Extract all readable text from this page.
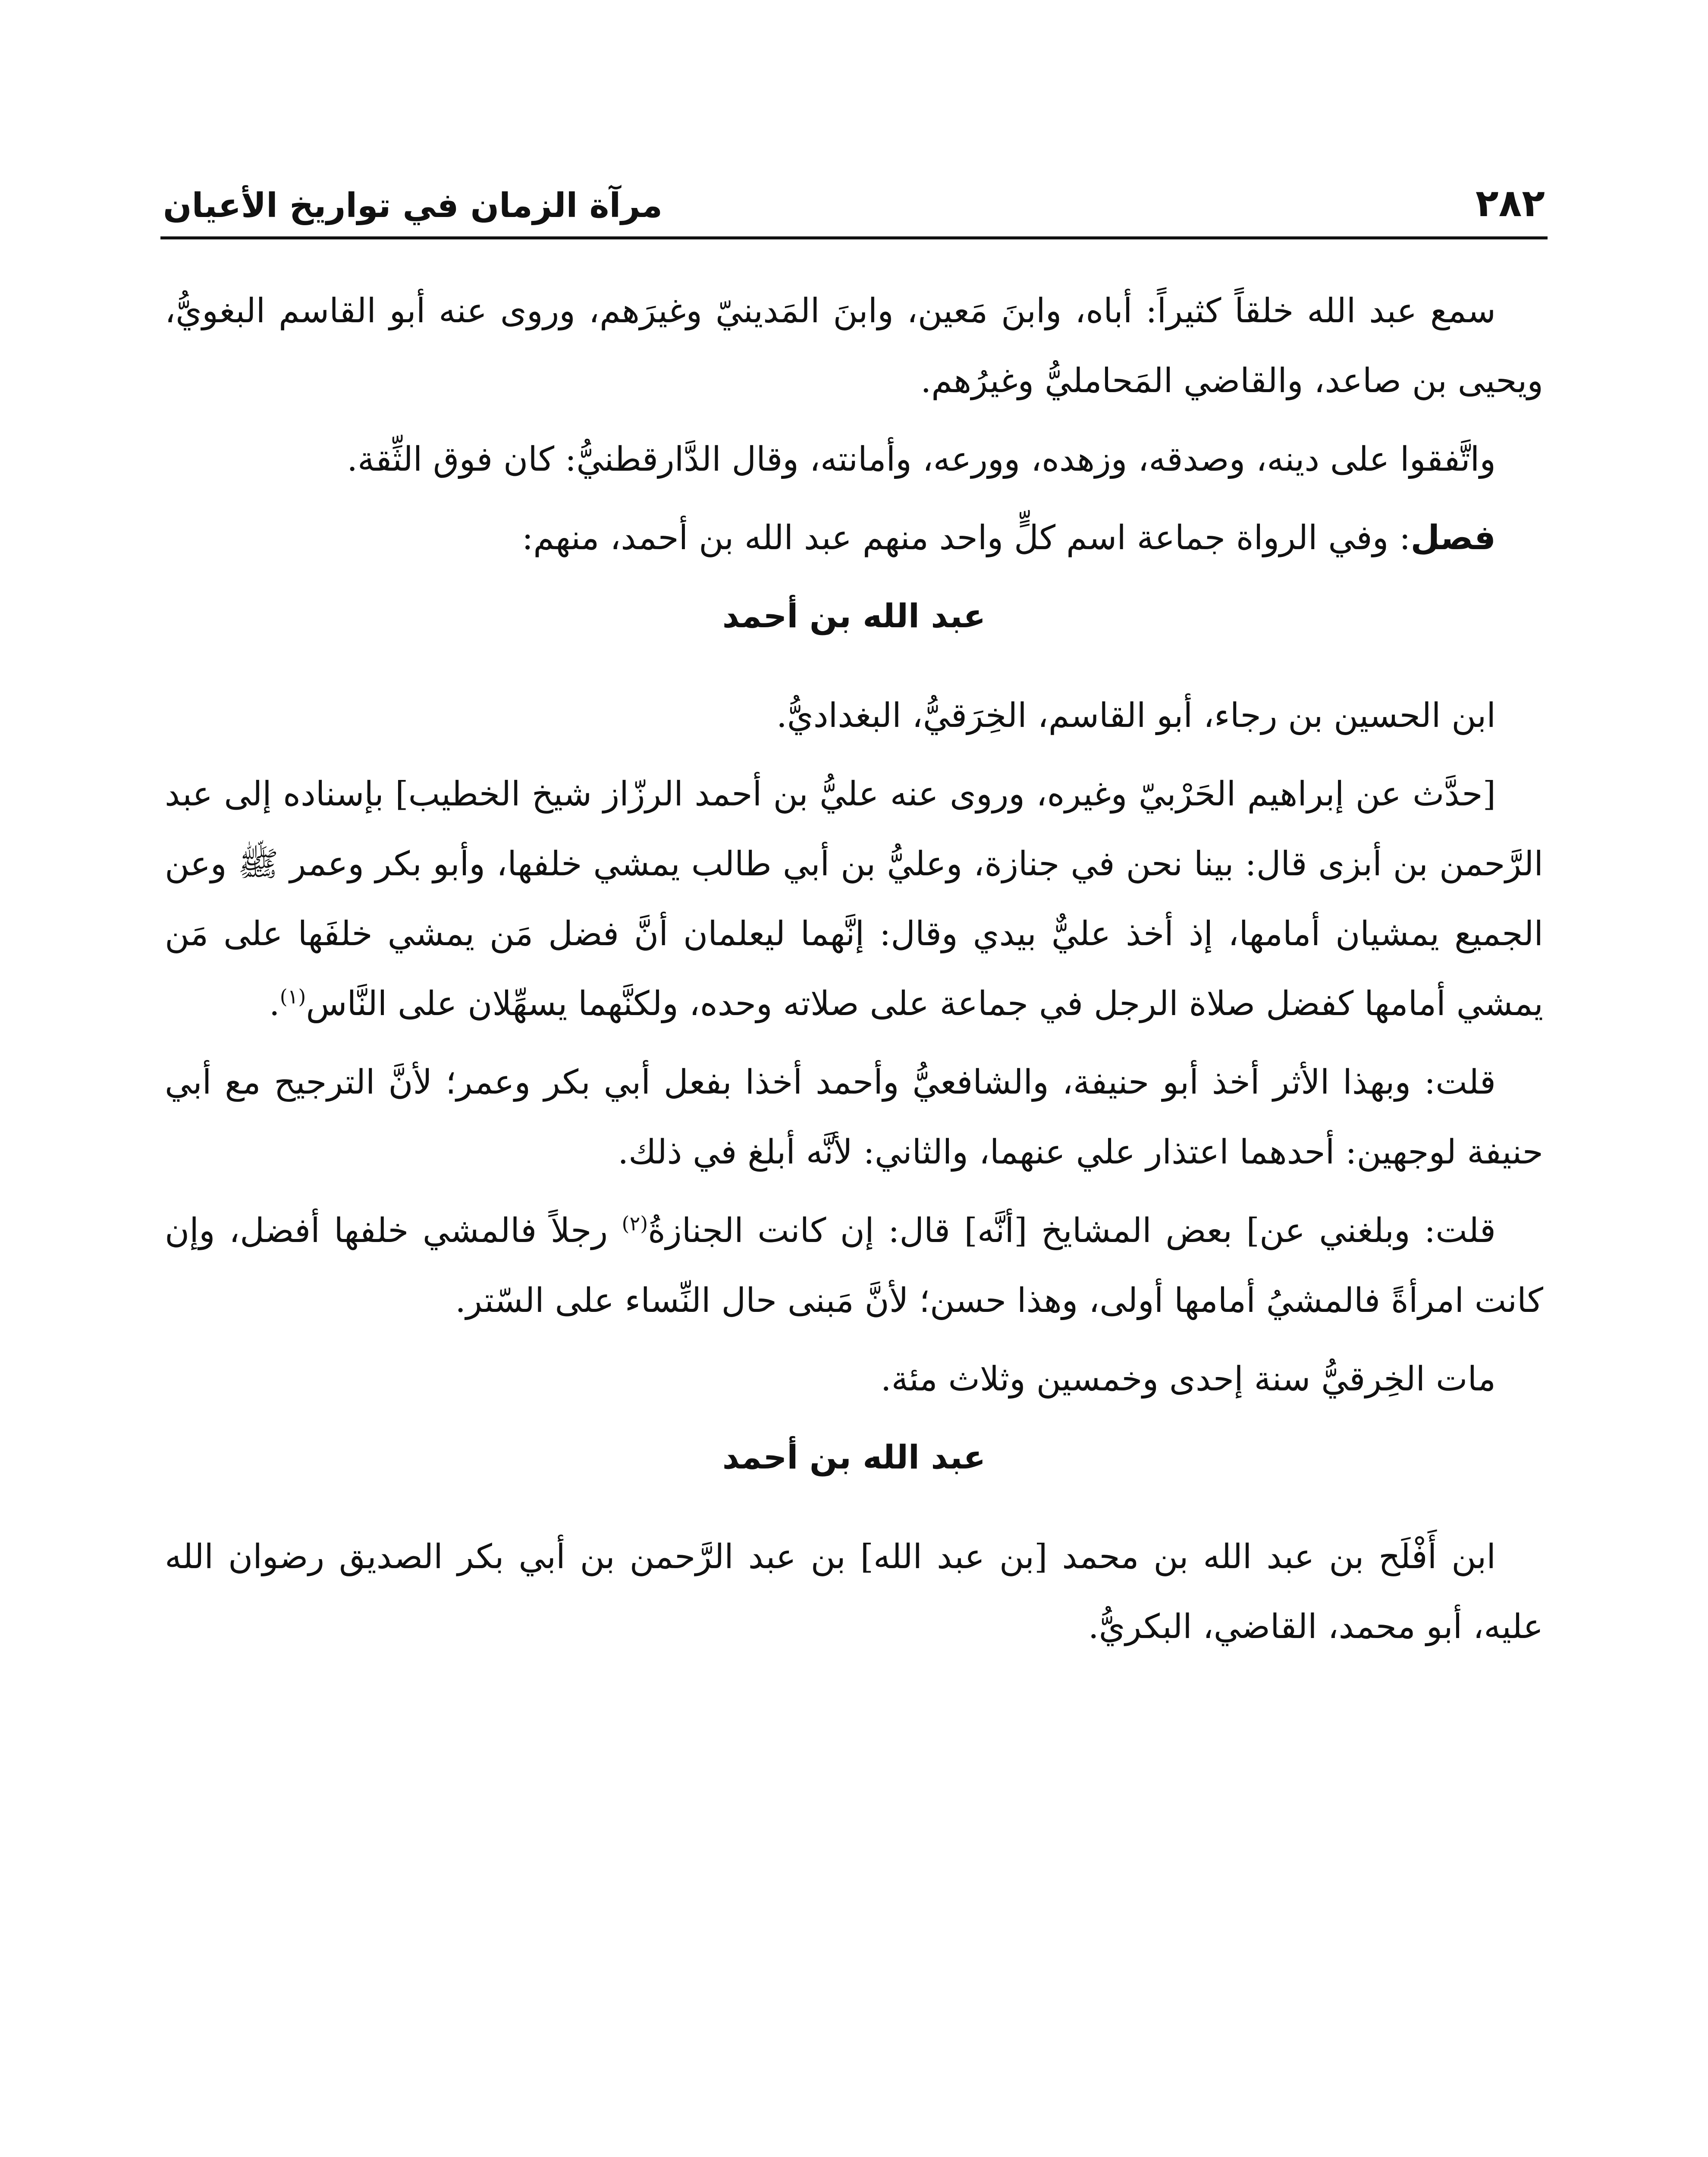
٢٨٢
مرآة الزمان في تواريخ الأعيان

سمع عبد الله خلقاً كثيراً: أباه، وابنَ مَعين، وابنَ المَدينيّ وغيرَهم، وروى عنه أبو القاسم البغويُّ، ويحيى بن صاعد، والقاضي المَحامليُّ وغيرُهم.

واتَّفقوا على دينه، وصدقه، وزهده، وورعه، وأمانته، وقال الدَّارقطنيُّ: كان فوق الثِّقة.

فصل: وفي الرواة جماعة اسم كلٍّ واحد منهم عبد الله بن أحمد، منهم:

عبد الله بن أحمد

ابن الحسين بن رجاء، أبو القاسم، الخِرَقيُّ، البغداديُّ.

[حدَّث عن إبراهيم الحَرْبيّ وغيره، وروى عنه عليُّ بن أحمد الرزّاز شيخ الخطيب] بإسناده إلى عبد الرَّحمن بن أبزى قال: بينا نحن في جنازة، وعليُّ بن أبي طالب يمشي خلفها، وأبو بكر وعمر ﷺ وعن الجميع يمشيان أمامها، إذ أخذ عليٌّ بيدي وقال: إنَّهما ليعلمان أنَّ فضل مَن يمشي خلفَها على مَن يمشي أمامها كفضل صلاة الرجل في جماعة على صلاته وحده، ولكنَّهما يسهِّلان على النَّاس$^{(١)}$.

قلت: وبهذا الأثر أخذ أبو حنيفة، والشافعيُّ وأحمد أخذا بفعل أبي بكر وعمر؛ لأنَّ الترجيح مع أبي حنيفة لوجهين: أحدهما اعتذار علي عنهما، والثاني: لأنَّه أبلغ في ذلك.

قلت: وبلغني عن] بعض المشايخ [أنَّه] قال: إن كانت الجنازةُ$^{(٢)}$ رجلاً فالمشي خلفها أفضل، وإن كانت امرأةً فالمشيُ أمامها أولى، وهذا حسن؛ لأنَّ مَبنى حال النِّساء على السّتر.

مات الخِرقيُّ سنة إحدى وخمسين وثلاث مئة.

عبد الله بن أحمد

ابن أَفْلَح بن عبد الله بن محمد [بن عبد الله] بن عبد الرَّحمن بن أبي بكر الصديق رضوان الله عليه، أبو محمد، القاضي، البكريُّ.
